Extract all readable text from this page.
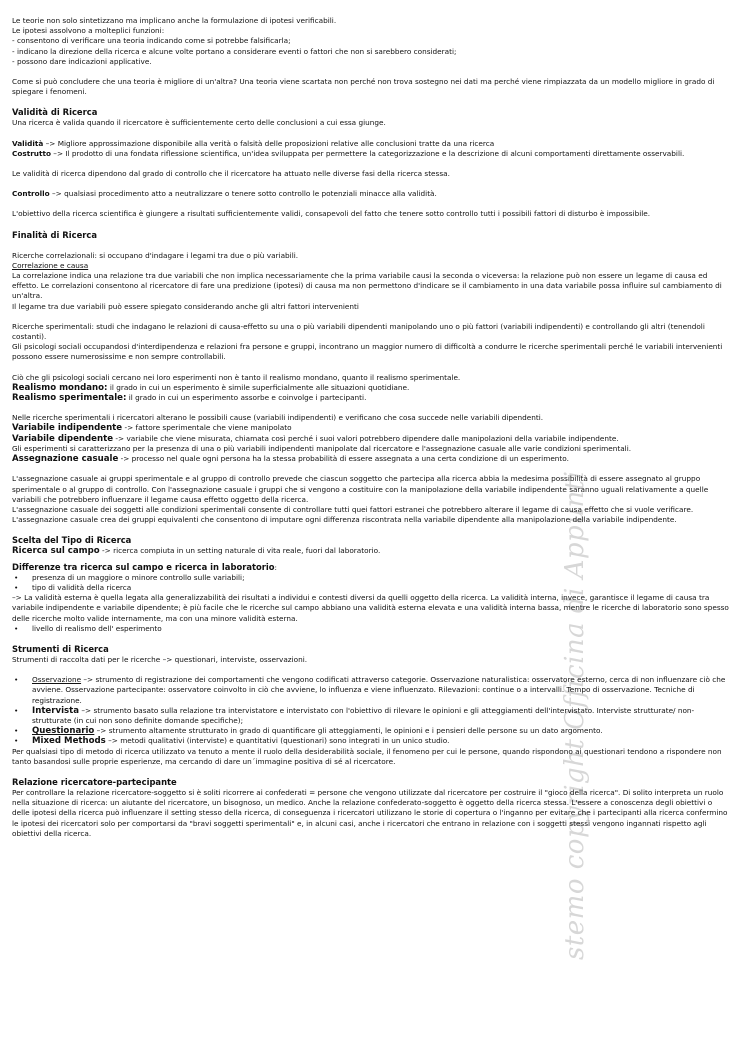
stemo copyright Officina di Appunti

Le teorie non solo sintetizzano ma implicano anche la formulazione di ipotesi verificabili.

Le ipotesi assolvono a molteplici funzioni:

- consentono di verificare una teoria indicando come si potrebbe falsificarla;

- indicano la direzione della ricerca e alcune volte portano a considerare eventi o fattori che non si sarebbero considerati;

- possono dare indicazioni applicative.

Come si può concludere che una teoria è migliore di un'altra? Una teoria viene scartata non perché non trova sostegno nei dati ma perché viene rimpiazzata da un modello migliore in grado di spiegare i fenomeni.

Validità di Ricerca

Una ricerca è valida quando il ricercatore è sufficientemente certo delle conclusioni a cui essa giunge.

Validità –> Migliore approssimazione disponibile alla verità o falsità delle proposizioni relative alle conclusioni tratte da una ricerca

Costrutto –> Il prodotto di una fondata riflessione scientifica, un'idea sviluppata per permettere la categorizzazione e la descrizione di alcuni comportamenti direttamente osservabili.

Le validità di ricerca dipendono dal grado di controllo che il ricercatore ha attuato nelle diverse fasi della ricerca stessa.

Controllo –> qualsiasi procedimento atto a neutralizzare o tenere sotto controllo le potenziali minacce alla validità.

L'obiettivo della ricerca scientifica è giungere a risultati sufficientemente validi, consapevoli del fatto che tenere sotto controllo tutti i possibili fattori di disturbo è impossibile.

Finalità di Ricerca

Ricerche correlazionali: si occupano d'indagare i legami tra due o più variabili.

Correlazione e causa

La correlazione indica una relazione tra due variabili che non implica necessariamente che la prima variabile causi la seconda o viceversa: la relazione può non essere un legame di causa ed effetto. Le correlazioni consentono al ricercatore di fare una predizione (ipotesi) di causa ma non permettono d'indicare se il cambiamento in una data variabile possa influire sul cambiamento di un'altra.

Il legame tra due variabili può essere spiegato considerando anche gli altri fattori intervenienti

Ricerche sperimentali: studi che indagano le relazioni di causa-effetto su una o più variabili dipendenti manipolando uno o più fattori (variabili indipendenti) e controllando gli altri (tenendoli costanti).

Gli psicologi sociali occupandosi d'interdipendenza e relazioni fra persone e gruppi, incontrano un maggior numero di difficoltà a condurre le ricerche sperimentali perché le variabili intervenienti possono essere numerosissime e non sempre controllabili.

Ciò che gli psicologi sociali cercano nei loro esperimenti non è tanto il realismo mondano, quanto il realismo sperimentale.

Realismo mondano: il grado in cui un esperimento è simile superficialmente alle situazioni quotidiane.

Realismo sperimentale: il grado in cui un esperimento assorbe e coinvolge i partecipanti.

Nelle ricerche sperimentali i ricercatori alterano le possibili cause (variabili indipendenti) e verificano che cosa succede nelle variabili dipendenti.

Variabile indipendente -> fattore sperimentale che viene manipolato

Variabile dipendente -> variabile che viene misurata, chiamata così perché i suoi valori potrebbero dipendere dalle manipolazioni della variabile indipendente.

Gli esperimenti si caratterizzano per la presenza di una o più variabili indipendenti manipolate dal ricercatore e l'assegnazione casuale alle varie condizioni sperimentali.

Assegnazione casuale -> processo nel quale ogni persona ha la stessa probabilità di essere assegnata a una certa condizione di un esperimento.

L'assegnazione casuale ai gruppi sperimentale e al gruppo di controllo prevede che ciascun soggetto che partecipa alla ricerca abbia la medesima possibilità di essere assegnato al gruppo sperimentale o al gruppo di controllo. Con l'assegnazione casuale i gruppi che si vengono a costituire con la manipolazione della variabile indipendente saranno uguali relativamente a quelle variabili che potrebbero influenzare il legame causa effetto oggetto della ricerca.

L'assegnazione casuale dei soggetti alle condizioni sperimentali consente di controllare tutti quei fattori estranei che potrebbero alterare il legame di causa effetto che si vuole verificare.

L'assegnazione casuale crea dei gruppi equivalenti che consentono di imputare ogni differenza riscontrata nella variabile dipendente alla manipolazione della variabile indipendente.

Scelta del Tipo di Ricerca

Ricerca sul campo -> ricerca compiuta in un setting naturale di vita reale, fuori dal laboratorio.

Differenze tra ricerca sul campo e ricerca in laboratorio:

• presenza di un maggiore o minore controllo sulle variabili;
• tipo di validità della ricerca

–> La validità esterna è quella legata alla generalizzabilità dei risultati a individui e contesti diversi da quelli oggetto della ricerca. La validità interna, invece, garantisce il legame di causa tra variabile indipendente e variabile dipendente; è più facile che le ricerche sul campo abbiano una validità esterna elevata e una validità interna bassa, mentre le ricerche di laboratorio sono spesso delle ricerche molto valide internamente, ma con una minore validità esterna.

• livello di realismo dell' esperimento

Strumenti di Ricerca

Strumenti di raccolta dati per le ricerche –> questionari, interviste, osservazioni.

• Osservazione –> strumento di registrazione dei comportamenti che vengono codificati attraverso categorie. Osservazione naturalistica: osservatore esterno, cerca di non influenzare ciò che avviene. Osservazione partecipante: osservatore coinvolto in ciò che avviene, lo influenza e viene influenzato. Rilevazioni: continue o a intervalli. Tempo di osservazione. Tecniche di registrazione.
• Intervista –> strumento basato sulla relazione tra intervistatore e intervistato con l'obiettivo di rilevare le opinioni e gli atteggiamenti dell'intervistato. Interviste strutturate/ non-strutturate (in cui non sono definite domande specifiche);
• Questionario –> strumento altamente strutturato in grado di quantificare gli atteggiamenti, le opinioni e i pensieri delle persone su un dato argomento.
• Mixed Methods –> metodi qualitativi (interviste) e quantitativi (questionari) sono integrati in un unico studio.

Per qualsiasi tipo di metodo di ricerca utilizzato va tenuto a mente il ruolo della desiderabilità sociale, il fenomeno per cui le persone, quando rispondono ai questionari tendono a rispondere non tanto basandosi sulle proprie esperienze, ma cercando di dare un´immagine positiva di sé al ricercatore.

Relazione ricercatore-partecipante

Per controllare la relazione ricercatore-soggetto si è soliti ricorrere ai confederati = persone che vengono utilizzate dal ricercatore per costruire il "gioco della ricerca". Di solito interpreta un ruolo nella situazione di ricerca: un aiutante del ricercatore, un bisognoso, un medico. Anche la relazione confederato-soggetto è oggetto della ricerca stessa. L'essere a conoscenza degli obiettivi o delle ipotesi della ricerca può influenzare il setting stesso della ricerca, di conseguenza i ricercatori utilizzano le storie di copertura o l'inganno per evitare che i partecipanti alla ricerca confermino le ipotesi dei ricercatori solo per comportarsi da "bravi soggetti sperimentali" e, in alcuni casi, anche i ricercatori che entrano in relazione con i soggetti stessi vengono ingannati rispetto agli obiettivi della ricerca.
